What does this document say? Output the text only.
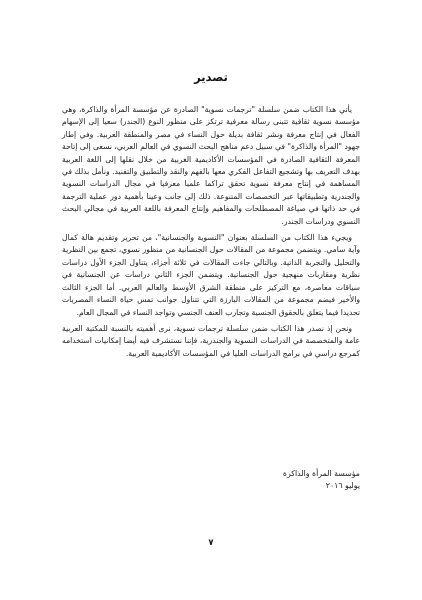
تصدير

يأتي هذا الكتاب ضمن سلسلة "ترجمات نسوية" الصادرة عن مؤسسة المرأة والذاكرة، وهي مؤسسة نسوية ثقافية تتبنى رسالة معرفية ترتكز على منظور النوع (الجندر) سعيا إلى الإسهام الفعال في إنتاج معرفة ونشر ثقافة بديلة حول النساء في مصر والمنطقة العربية. وفي إطار جهود "المرأة والذاكرة" في سبيل دعم مناهج البحث النسوي في العالم العربي، نسعى إلى إتاحة المعرفة الثقافية الصادرة في المؤسسات الأكاديمية الغربية من خلال نقلها إلى اللغة العربية بهدف التعريف بها وتشجيع التفاعل الفكري معها بالفهم والنقد والتطبيق والتفنيد. ونأمل بذلك في المساهمة في إنتاج معرفة نسوية تحقق تراكما علميا معرفيا في مجال الدراسات النسوية والجندرية وتطبيقاتها عبر التخصصات المتنوعة. ذلك إلى جانب وعينا بأهمية دور عملية الترجمة في حد ذاتها في صياغة المصطلحات والمفاهيم وإنتاج المعرفة باللغة العربية في مجالي البحث النسوي ودراسات الجندر.

ويجيء هذا الكتاب من السلسلة بعنوان "النسوية والجنسانية"، من تحرير وتقديم هالة كمال وآية سامي. ويتضمن مجموعة من المقالات حول الجنسانية من منظور نسوي، تجمع بين النظرية والتحليل والتجربة الذاتية. وبالتالي جاءت المقالات في ثلاثة أجزاء، يتناول الجزء الأول دراسات نظرية ومقاربات منهجية حول الجنسانية. ويتضمن الجزء الثاني دراسات عن الجنسانية في سياقات معاصرة، مع التركيز على منطقة الشرق الأوسط والعالم العربي. أما الجزء الثالث والأخير فيضم مجموعة من المقالات البارزة التي تتناول جوانب تمس حياة النساء المصريات تحديدا فيما يتعلق بالحقوق الجنسية وتجارب العنف الجنسي وتواجد النساء في المجال العام.

ونحن إذ نصدر هذا الكتاب ضمن سلسلة ترجمات نسوية، نرى أهميته بالنسبة للمكتبة العربية عامة والمتخصصة في الدراسات النسوية والجندرية، فإننا نستشرف فيه أيضا إمكانيات استخدامه كمرجع دراسي في برامج الدراسات العليا في المؤسسات الأكاديمية العربية.

مؤسسة المرأة والذاكرة
يوليو ٢٠١٦
٧
